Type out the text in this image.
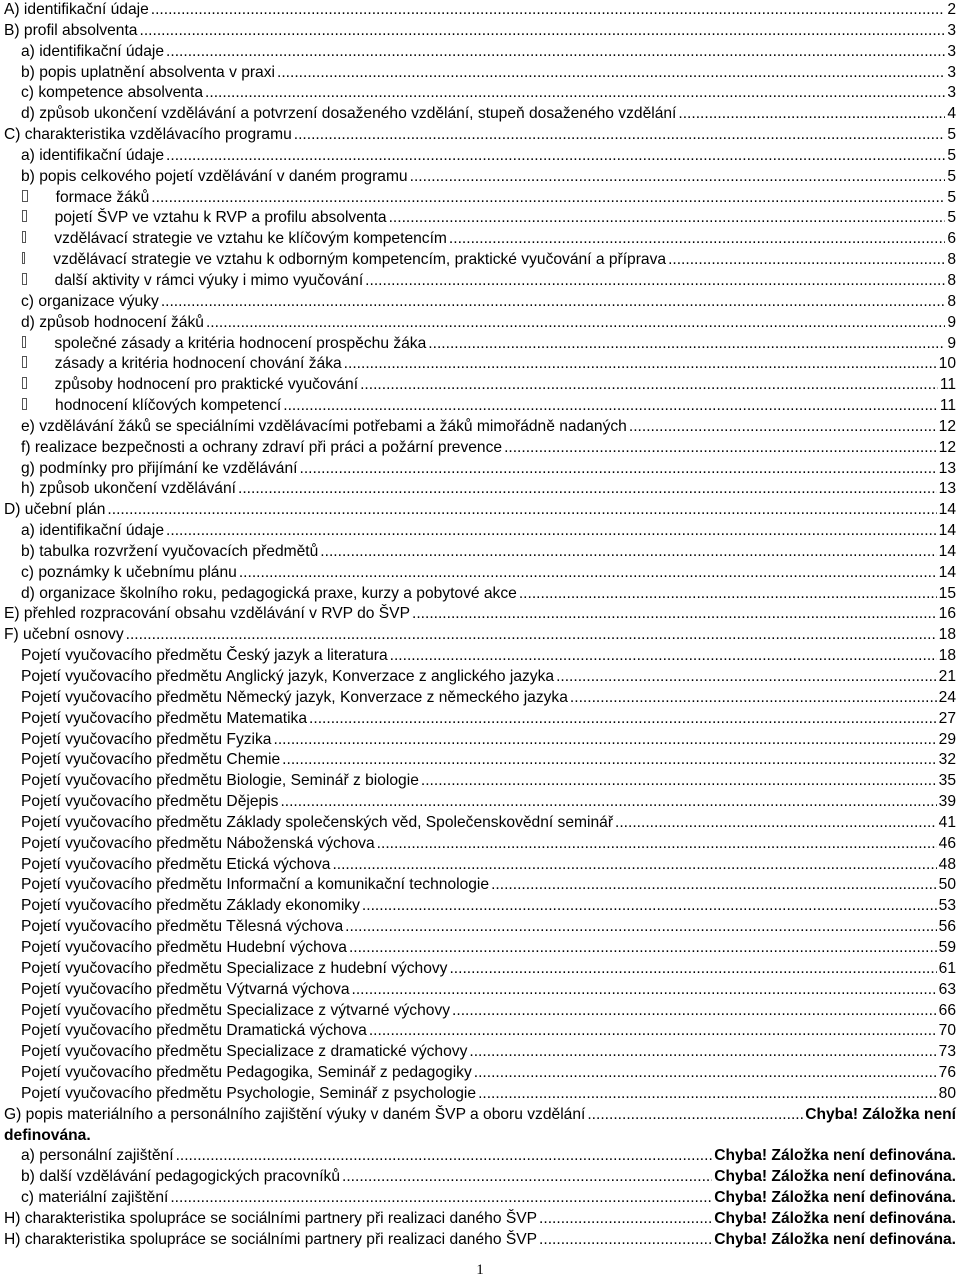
A) identifikační údaje .....	2
B) profil absolventa .....	3
a) identifikační údaje .....	3
b) popis uplatnění absolventa v praxi .....	3
c) kompetence absolventa .....	3
d) způsob ukončení vzdělávání a potvrzení dosaženého vzdělání, stupeň dosaženého vzdělání .....	4
C) charakteristika vzdělávacího programu .....	5
a) identifikační údaje .....	5
b) popis celkového pojetí vzdělávání v daném programu .....	5
formace žáků .....	5
pojetí ŠVP ve vztahu k RVP a profilu absolventa .....	5
vzdělávací strategie ve vztahu ke klíčovým kompetencím .....	6
vzdělávací strategie ve vztahu k odborným kompetencím, praktické vyučování a příprava .....	8
další aktivity v rámci výuky i mimo vyučování .....	8
c) organizace výuky .....	8
d) způsob hodnocení žáků .....	9
společné zásady a kritéria hodnocení prospěchu žáka .....	9
zásady a kritéria hodnocení chování žáka .....	10
způsoby hodnocení pro praktické vyučování .....	11
hodnocení klíčových kompetencí .....	11
e) vzdělávání žáků se speciálními vzdělávacími potřebami a žáků mimořádně nadaných .....	12
f) realizace bezpečnosti a ochrany zdraví při práci a požární prevence .....	12
g) podmínky pro přijímání ke vzdělávání .....	13
h) způsob ukončení vzdělávání .....	13
D) učební plán .....	14
a) identifikační údaje .....	14
b) tabulka rozvržení vyučovacích předmětů .....	14
c) poznámky k učebnímu plánu .....	14
d) organizace školního roku, pedagogická praxe, kurzy a pobytové akce .....	15
E) přehled rozpracování obsahu vzdělávání v RVP do ŠVP .....	16
F) učební osnovy .....	18
Pojetí vyučovacího předmětu Český jazyk a literatura .....	18
Pojetí vyučovacího předmětu Anglický jazyk, Konverzace z anglického jazyka .....	21
Pojetí vyučovacího předmětu Německý jazyk, Konverzace z německého jazyka .....	24
Pojetí vyučovacího předmětu Matematika .....	27
Pojetí vyučovacího předmětu Fyzika .....	29
Pojetí vyučovacího předmětu Chemie .....	32
Pojetí vyučovacího předmětu Biologie, Seminář z biologie .....	35
Pojetí vyučovacího předmětu Dějepis .....	39
Pojetí vyučovacího předmětu Základy společenských věd, Společenskovědní seminář .....	41
Pojetí vyučovacího předmětu Náboženská výchova .....	46
Pojetí vyučovacího předmětu Etická výchova .....	48
Pojetí vyučovacího předmětu Informační a komunikační technologie .....	50
Pojetí vyučovacího předmětu Základy ekonomiky .....	53
Pojetí vyučovacího předmětu Tělesná výchova .....	56
Pojetí vyučovacího předmětu Hudební výchova .....	59
Pojetí vyučovacího předmětu Specializace z hudební výchovy .....	61
Pojetí vyučovacího předmětu Výtvarná výchova .....	63
Pojetí vyučovacího předmětu Specializace z výtvarné výchovy .....	66
Pojetí vyučovacího předmětu Dramatická výchova .....	70
Pojetí vyučovacího předmětu Specializace z dramatické výchovy .....	73
Pojetí vyučovacího předmětu Pedagogika, Seminář z pedagogiky .....	76
Pojetí vyučovacího předmětu Psychologie, Seminář z psychologie .....	80
G) popis materiálního a personálního zajištění výuky v daném ŠVP a oboru vzdělání .....	Chyba! Záložka není
definována.
a) personální zajištění .....	Chyba! Záložka není definována.
b) další vzdělávání pedagogických pracovníků .....	Chyba! Záložka není definována.
c) materiální zajištění .....	Chyba! Záložka není definována.
H) charakteristika spolupráce se sociálními partnery při realizaci daného ŠVP .....	Chyba! Záložka není definována.
H) charakteristika spolupráce se sociálními partnery při realizaci daného ŠVP .....	Chyba! Záložka není definována.
1
